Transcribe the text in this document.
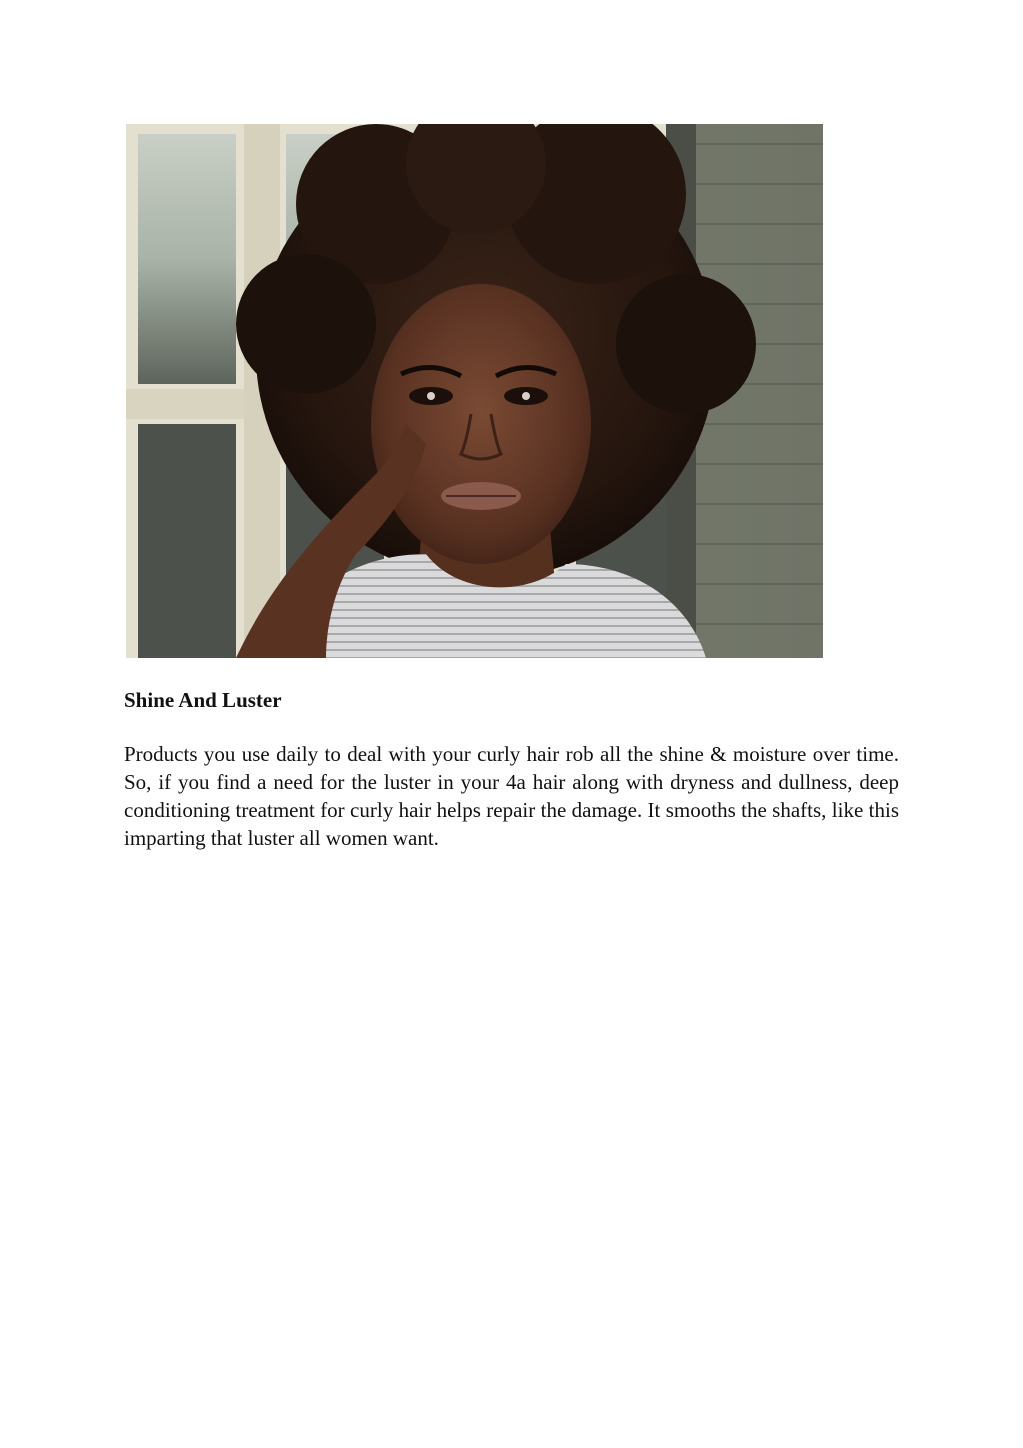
Shine And Luster

Products you use daily to deal with your curly hair rob all the shine & moisture over time. So, if you find a need for the luster in your 4a hair along with dryness and dullness, deep conditioning treatment for curly hair helps repair the damage. It smooths the shafts, like this imparting that luster all women want.
